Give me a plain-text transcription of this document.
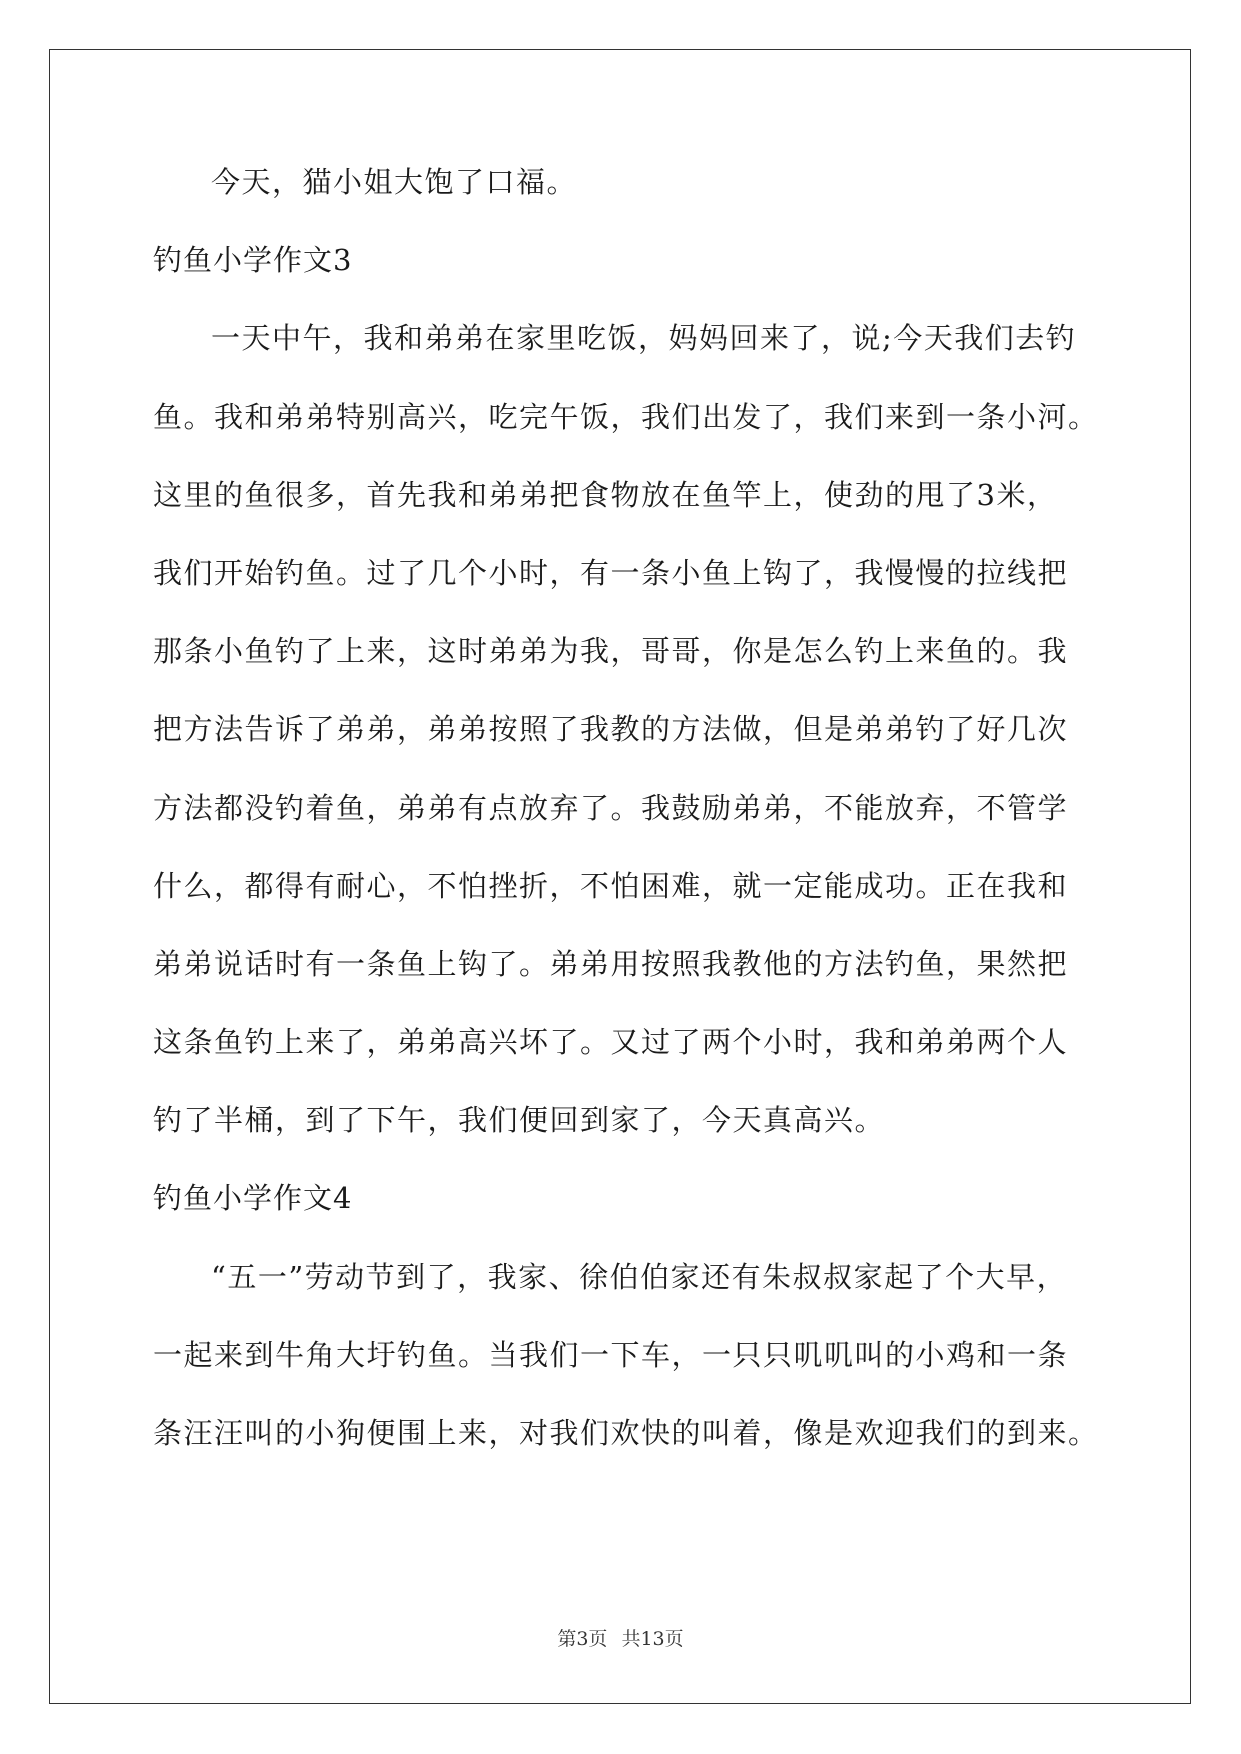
今天，猫小姐大饱了口福。
钓鱼小学作文3
一天中午，我和弟弟在家里吃饭，妈妈回来了，说;今天我们去钓
鱼。我和弟弟特别高兴，吃完午饭，我们出发了，我们来到一条小河。
这里的鱼很多，首先我和弟弟把食物放在鱼竿上，使劲的甩了3米，
我们开始钓鱼。过了几个小时，有一条小鱼上钩了，我慢慢的拉线把
那条小鱼钓了上来，这时弟弟为我，哥哥，你是怎么钓上来鱼的。我
把方法告诉了弟弟，弟弟按照了我教的方法做，但是弟弟钓了好几次
方法都没钓着鱼，弟弟有点放弃了。我鼓励弟弟，不能放弃，不管学
什么，都得有耐心，不怕挫折，不怕困难，就一定能成功。正在我和
弟弟说话时有一条鱼上钩了。弟弟用按照我教他的方法钓鱼，果然把
这条鱼钓上来了，弟弟高兴坏了。又过了两个小时，我和弟弟两个人
钓了半桶，到了下午，我们便回到家了，今天真高兴。
钓鱼小学作文4
“五一”劳动节到了，我家、徐伯伯家还有朱叔叔家起了个大早，
一起来到牛角大圩钓鱼。当我们一下车，一只只叽叽叫的小鸡和一条
条汪汪叫的小狗便围上来，对我们欢快的叫着，像是欢迎我们的到来。
第3页 共13页
